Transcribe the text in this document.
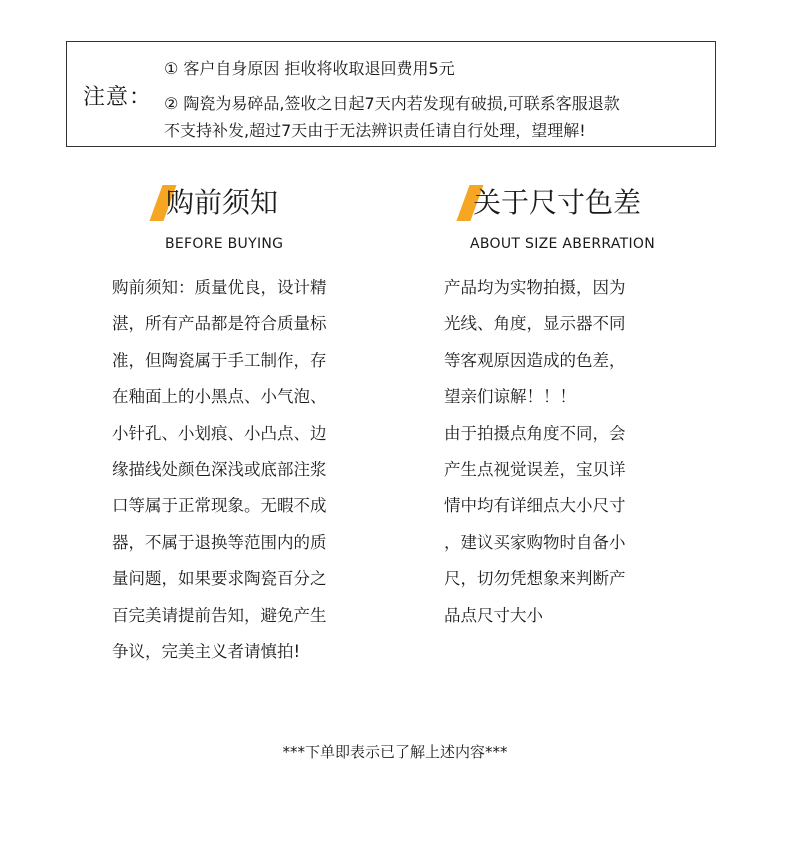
注意：
① 客户自身原因 拒收将收取退回费用5元
② 陶瓷为易碎品,签收之日起7天内若发现有破损,可联系客服退款
不支持补发,超过7天由于无法辨识责任请自行处理，望理解!
购前须知
BEFORE BUYING
购前须知：质量优良，设计精
湛，所有产品都是符合质量标
准，但陶瓷属于手工制作，存
在釉面上的小黑点、小气泡、
小针孔、小划痕、小凸点、边
缘描线处颜色深浅或底部注浆
口等属于正常现象。无暇不成
器，不属于退换等范围内的质
量问题，如果要求陶瓷百分之
百完美请提前告知，避免产生
争议，完美主义者请慎拍!
关于尺寸色差
ABOUT SIZE ABERRATION
产品均为实物拍摄，因为
光线、角度，显示器不同
等客观原因造成的色差，
望亲们谅解！！！
由于拍摄点角度不同，会
产生点视觉误差，宝贝详
情中均有详细点大小尺寸
，建议买家购物时自备小
尺，切勿凭想象来判断产
品点尺寸大小
***下单即表示已了解上述内容***
